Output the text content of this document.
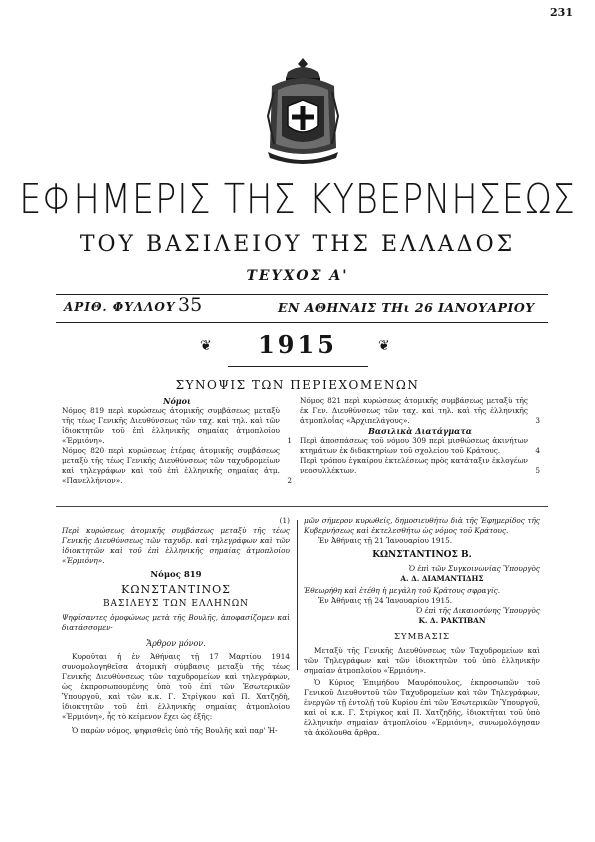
231
ΕΦΗΜΕΡΙΣ ΤΗΣ ΚΥΒΕΡΝΗΣΕΩΣ
ΤΟΥ ΒΑΣΙΛΕΙΟΥ ΤΗΣ ΕΛΛΑΔΟΣ
ΤΕΥΧΟΣ Α'
ΑΡΙΘ. ΦΥΛΛΟΥ 35	ΕΝ ΑΘΗΝΑΙΣ ΤΗι 26 ΙΑΝΟΥΑΡΙΟΥ
❦	1915	❦
ΣΥΝΟΨΙΣ ΤΩΝ ΠΕΡΙΕΧΟΜΕΝΩΝ
Νόμοι
Νόμος 819 περὶ κυρώσεως ἀτομικῆς συμβάσεως μεταξὺ τῆς τέως Γενικῆς Διευθύνσεως τῶν ταχ. καὶ τηλ. καὶ τῶν ἰδιοκτητῶν τοῦ ἐπὶ ἑλληνικῆς σημαίας ἀτμοπλοίου «Ἐρμιόνη».	1
Νόμος 820 περὶ κυρώσεως ἐτέρας ἀτομικῆς συμβάσεως μεταξὺ τῆς τέως Γενικῆς Διευθύνσεως τῶν ταχυδρομείων καὶ τηλεγράφων καὶ τοῦ ἐπὶ ἑλληνικῆς σημαίας ἀτμ. «Πανελλήνιον».	2
Νόμος 821 περὶ κυρώσεως ἀτομικῆς συμβάσεως μεταξὺ τῆς ἐκ Γεν. Διευθύνσεως τῶν ταχ. καὶ τηλ. καὶ τῆς ἑλληνικῆς ἀτμοπλοΐας «Ἀρχιπελάγους».	3
Βασιλικὰ Διατάγματα
Περὶ ἀποσπάσεως τοῦ νόμου 309 περὶ μισθώσεως ἀκινήτων κτημάτων ἐκ διδακτηρίων τοῦ σχολείου τοῦ Κράτους.	4
Περὶ τρόπου ἐγκαίρου ἐκτελέσεως πρὸς κατάταξιν ἐκλογέων νεοσυλλέκτων.	5
(1)
Περὶ κυρώσεως ἀτομικῆς συμβάσεως μεταξὺ τῆς τέως Γενικῆς Διευθύνσεως τῶν ταχυδρ. καὶ τηλεγράφων καὶ τῶν ἰδιοκτητῶν καὶ τοῦ ἐπὶ ἑλληνικῆς σημαίας ἀτμοπλοίου «Ἐρμιόνη».
Νόμος 819
ΚΩΝΣΤΑΝΤΙΝΟΣ
ΒΑΣΙΛΕΥΣ ΤΩΝ ΕΛΛΗΝΩΝ
Ψηφίσαντες ὁμοφώνως μετὰ τῆς Βουλῆς, ἀποφασίζομεν καὶ διατάσσομεν·
Ἄρθρον μόνον.
Κυροῦται ἡ ἐν Ἀθήναις τῇ 17 Μαρτίου 1914 συνομολογηθεῖσα ἀτομικὴ σύμβασις μεταξὺ τῆς τέως Γενικῆς Διευθύνσεως τῶν ταχυδρομείων καὶ τηλεγράφων, ὡς ἐκπροσωπουμένης ὑπὸ τοῦ ἐπὶ τῶν Ἐσωτερικῶν Ὑπουργοῦ, καὶ τῶν κ.κ. Γ. Στρίγκου καὶ Π. Χατζηδὴ, ἰδιοκτητῶν τοῦ ἐπὶ ἑλληνικῆς σημαίας ἀτμοπλοίου «Ἐρμιόνη», ἧς τὸ κείμενον ἔχει ὡς ἑξῆς:
Ὁ παρὼν νόμος, ψηφισθεὶς ὑπὸ τῆς Βουλῆς καὶ παρ' Ἡ-
μῶν σήμερον κυρωθείς, δημοσιευθήτω διὰ τῆς Ἐφημερίδος τῆς Κυβερνήσεως καὶ ἐκτελεσθήτω ὡς νόμος τοῦ Κράτους.
Ἐν Ἀθήναις τῇ 21 Ἰανουαρίου 1915.
ΚΩΝΣΤΑΝΤΙΝΟΣ Β.
Ὁ ἐπὶ τῶν Συγκοινωνίας Ὑπουργὸς
Α. Δ. ΔΙΑΜΑΝΤΙΔΗΣ
Ἐθεωρήθη καὶ ἐτέθη ἡ μεγάλη τοῦ Κράτους σφραγίς.
Ἐν Ἀθήναις τῇ 24 Ἰανουαρίου 1915.
Ὁ ἐπὶ τῆς Δικαιοσύνης Ὑπουργὸς
Κ. Δ. ΡΑΚΤΙΒΑΝ
ΣΥΜΒΑΣΙΣ
Μεταξὺ τῆς Γενικῆς Διευθύνσεως τῶν Ταχυδρομείων καὶ τῶν Τηλεγράφων καὶ τῶν ἰδιοκτητῶν τοῦ ὑπὸ ἑλληνικὴν σημαίαν ἀτμοπλοίου «Ἐρμιόνη».
Ὁ Κύριος Ἐπιμήδου Μαυρόπουλος, ἐκπροσωπῶν τοῦ Γενικοῦ Διευθυντοῦ τῶν Ταχυδρομείων καὶ τῶν Τηλεγράφων, ἐνεργῶν τῇ ἐντολῇ τοῦ Κυρίου ἐπὶ τῶν Ἐσωτερικῶν Ὑπουργοῦ, καὶ οἱ κ.κ. Γ. Στρίγκος καὶ Π. Χατζηδὴς, ἰδιοκτῆται τοῦ ὑπὸ ἑλληνικὴν σημαίαν ἀτμοπλοίου «Ἐρμιόνη», συνωμολόγησαν τὰ ἀκόλουθα ἄρθρα.
